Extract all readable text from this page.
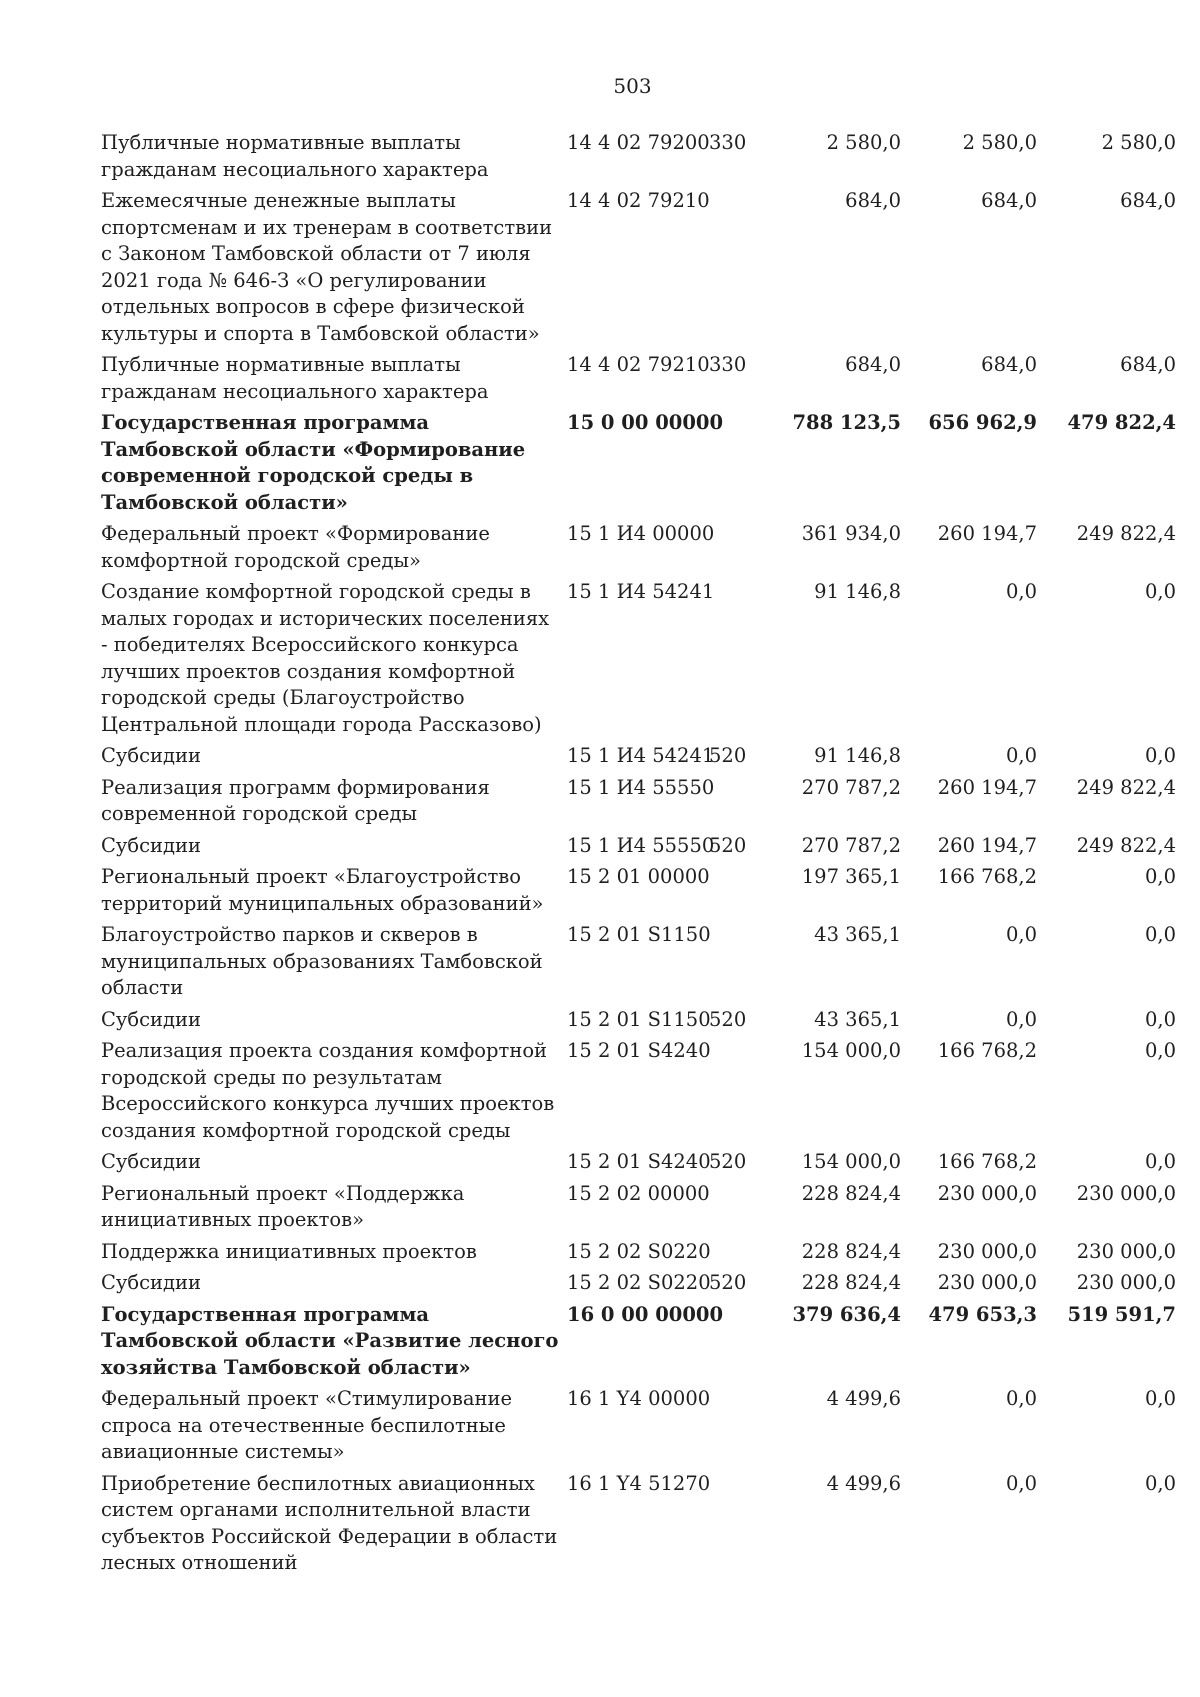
503
Публичные нормативные выплаты гражданам несоциального характера	14 4 02 79200	330	2 580,0	2 580,0	2 580,0
Ежемесячные денежные выплаты спортсменам и их тренерам в соответствии с Законом Тамбовской области от 7 июля 2021 года № 646-З «О регулировании отдельных вопросов в сфере физической культуры и спорта в Тамбовской области»	14 4 02 79210		684,0	684,0	684,0
Публичные нормативные выплаты гражданам несоциального характера	14 4 02 79210	330	684,0	684,0	684,0
Государственная программа Тамбовской области «Формирование современной городской среды в Тамбовской области»	15 0 00 00000		788 123,5	656 962,9	479 822,4
Федеральный проект «Формирование комфортной городской среды»	15 1 И4 00000		361 934,0	260 194,7	249 822,4
Создание комфортной городской среды в малых городах и исторических поселениях - победителях Всероссийского конкурса лучших проектов создания комфортной городской среды (Благоустройство Центральной площади города Рассказово)	15 1 И4 54241		91 146,8	0,0	0,0
Субсидии	15 1 И4 54241	520	91 146,8	0,0	0,0
Реализация программ формирования современной городской среды	15 1 И4 55550		270 787,2	260 194,7	249 822,4
Субсидии	15 1 И4 55550	520	270 787,2	260 194,7	249 822,4
Региональный проект «Благоустройство территорий муниципальных образований»	15 2 01 00000		197 365,1	166 768,2	0,0
Благоустройство парков и скверов в муниципальных образованиях Тамбовской области	15 2 01 S1150		43 365,1	0,0	0,0
Субсидии	15 2 01 S1150	520	43 365,1	0,0	0,0
Реализация проекта создания комфортной городской среды по результатам Всероссийского конкурса лучших проектов создания комфортной городской среды	15 2 01 S4240		154 000,0	166 768,2	0,0
Субсидии	15 2 01 S4240	520	154 000,0	166 768,2	0,0
Региональный проект «Поддержка инициативных проектов»	15 2 02 00000		228 824,4	230 000,0	230 000,0
Поддержка инициативных проектов	15 2 02 S0220		228 824,4	230 000,0	230 000,0
Субсидии	15 2 02 S0220	520	228 824,4	230 000,0	230 000,0
Государственная программа Тамбовской области «Развитие лесного хозяйства Тамбовской области»	16 0 00 00000		379 636,4	479 653,3	519 591,7
Федеральный проект «Стимулирование спроса на отечественные беспилотные авиационные системы»	16 1 Y4 00000		4 499,6	0,0	0,0
Приобретение беспилотных авиационных систем органами исполнительной власти субъектов Российской Федерации в области лесных отношений	16 1 Y4 51270		4 499,6	0,0	0,0
